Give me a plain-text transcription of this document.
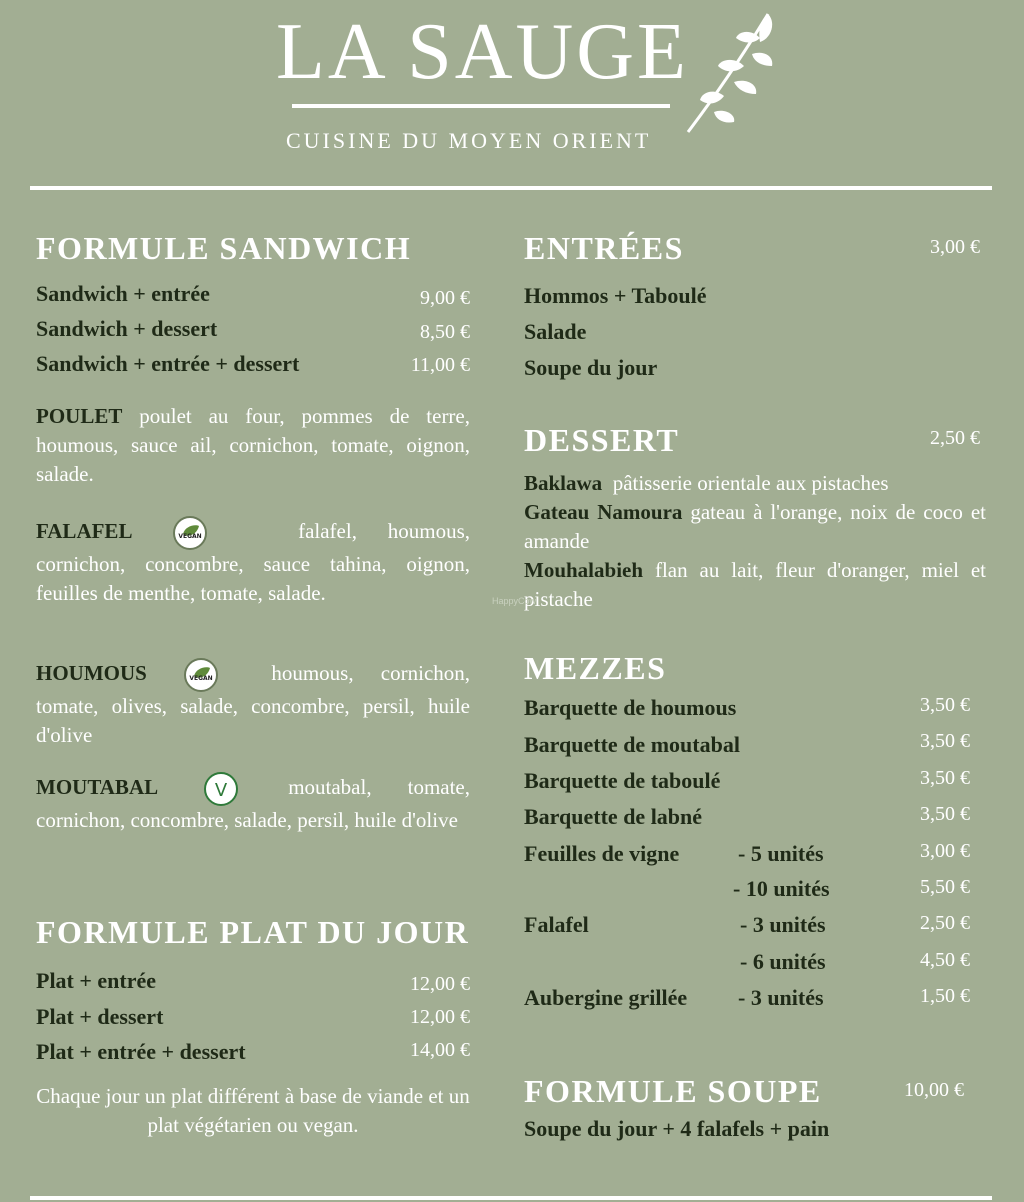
LA SAUGE
CUISINE DU MOYEN ORIENT
FORMULE SANDWICH
Sandwich + entrée	9,00 €
Sandwich + dessert	8,50 €
Sandwich + entrée + dessert	11,00 €
POULET poulet au four, pommes de terre, houmous, sauce ail, cornichon, tomate, oignon, salade.
FALAFEL	VEGAN	falafel, houmous, cornichon, concombre, sauce tahina, oignon, feuilles de menthe, tomate, salade.
HOUMOUS	VEGAN	houmous, cornichon, tomate, olives, salade, concombre, persil, huile d'olive
MOUTABAL	V	moutabal, tomate, cornichon, concombre, salade, persil, huile d'olive
FORMULE PLAT DU JOUR
Plat + entrée	12,00 €
Plat + dessert	12,00 €
Plat + entrée + dessert	14,00 €
Chaque jour un plat différent à base de viande et un plat végétarien ou vegan.
ENTRÉES	3,00 €
Hommos + Taboulé
Salade
Soupe du jour
DESSERT	2,50 €
Baklawa pâtisserie orientale aux pistaches
Gateau Namoura gateau à l'orange, noix de coco et amande
Mouhalabieh flan au lait, fleur d'oranger, miel et pistache
HappyCow
MEZZES
Barquette de houmous	3,50 €
Barquette de moutabal	3,50 €
Barquette de taboulé	3,50 €
Barquette de labné	3,50 €
Feuilles de vigne	- 5 unités	3,00 €
- 10 unités	5,50 €
Falafel	- 3 unités	2,50 €
- 6 unités	4,50 €
Aubergine grillée - 3 unités	1,50 €
FORMULE SOUPE	10,00 €
Soupe du jour + 4 falafels + pain
